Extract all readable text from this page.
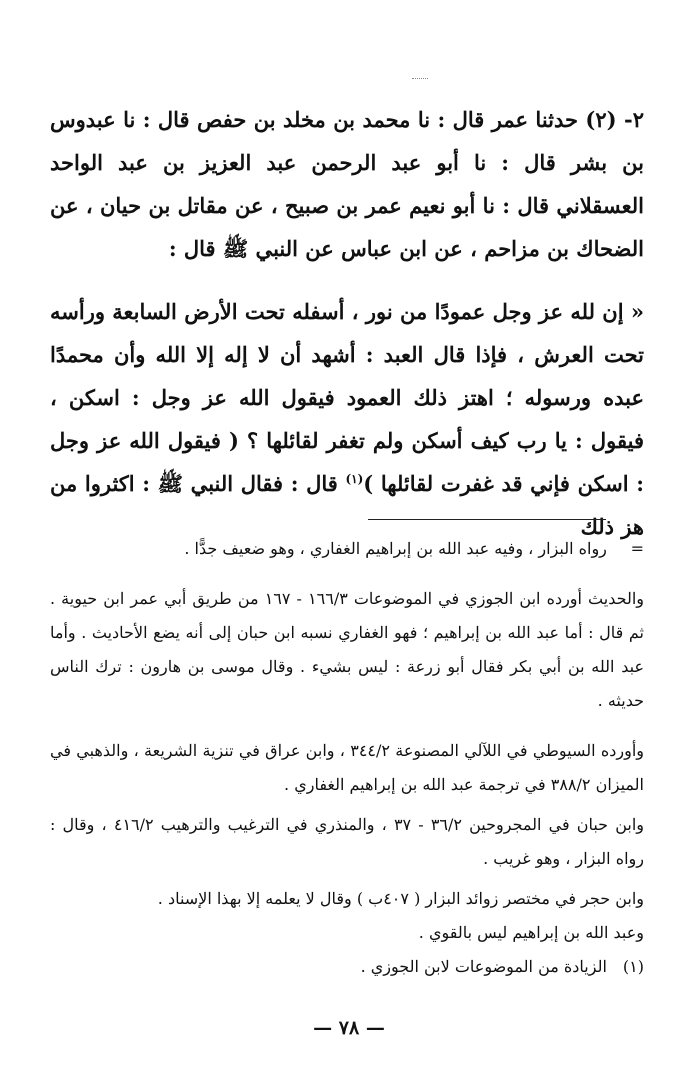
٢- (٢) حدثنا عمر قال : نا محمد بن مخلد بن حفص قال : نا عبدوس بن بشر قال : نا أبو عبد الرحمن عبد العزيز بن عبد الواحد العسقلاني قال : نا أبو نعيم عمر بن صبيح ، عن مقاتل بن حيان ، عن الضحاك بن مزاحم ، عن ابن عباس عن النبي ﷺ قال :

« إن لله عز وجل عمودًا من نور ، أسفله تحت الأرض السابعة ورأسه تحت العرش ، فإذا قال العبد : أشهد أن لا إله إلا الله وأن محمدًا عبده ورسوله ؛ اهتز ذلك العمود فيقول الله عز وجل : اسكن ، فيقول : يا رب كيف أسكن ولم تغفر لقائلها ؟ ( فيقول الله عز وجل : اسكن فإني قد غفرت لقائلها )$^{(١)}$ قال : فقال النبي ﷺ : اكثروا من هز ذلك

= رواه البزار ، وفيه عبد الله بن إبراهيم الغفاري ، وهو ضعيف جدًّا .

والحديث أورده ابن الجوزي في الموضوعات ١٦٦/٣ - ١٦٧ من طريق أبي عمر ابن حيوية . ثم قال : أما عبد الله بن إبراهيم ؛ فهو الغفاري نسبه ابن حبان إلى أنه يضع الأحاديث . وأما عبد الله بن أبي بكر فقال أبو زرعة : ليس بشيء . وقال موسى بن هارون : ترك الناس حديثه .

وأورده السيوطي في اللآلي المصنوعة ٣٤٤/٢ ، وابن عراق في تنزية الشريعة ، والذهبي في الميزان ٣٨٨/٢ في ترجمة عبد الله بن إبراهيم الغفاري .

وابن حبان في المجروحين ٣٦/٢ - ٣٧ ، والمنذري في الترغيب والترهيب ٤١٦/٢ ، وقال : رواه البزار ، وهو غريب .

وابن حجر في مختصر زوائد البزار ( ٤٠٧ب ) وقال لا يعلمه إلا بهذا الإسناد .

وعبد الله بن إبراهيم ليس بالقوي .

(١) الزيادة من الموضوعات لابن الجوزي .

— ٧٨ —
